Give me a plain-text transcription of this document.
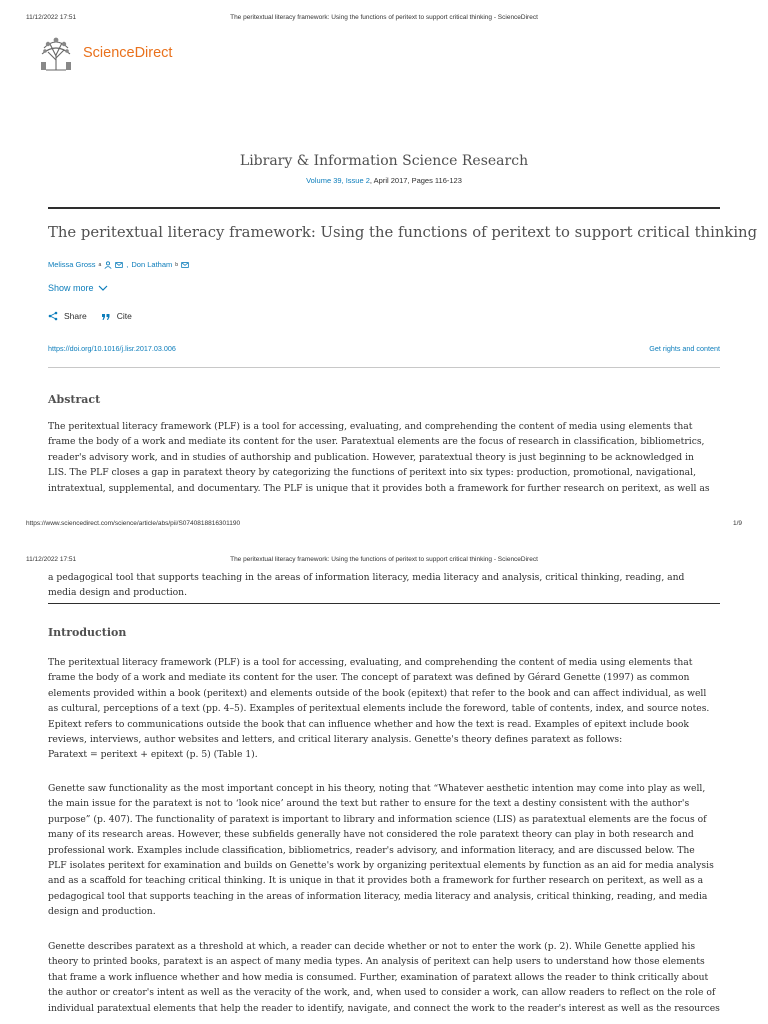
11/12/2022 17:51	The peritextual literacy framework: Using the functions of peritext to support critical thinking - ScienceDirect
ScienceDirect
Library & Information Science Research
Volume 39, Issue 2, April 2017, Pages 116-123
The peritextual literacy framework: Using the functions of peritext to support critical thinking
Melissa Gross a	, Don Latham b
Show more
Share	Cite
https://doi.org/10.1016/j.lisr.2017.03.006	Get rights and content
Abstract
The peritextual literacy framework (PLF) is a tool for accessing, evaluating, and comprehending the content of media using elements that
frame the body of a work and mediate its content for the user. Paratextual elements are the focus of research in classification, bibliometrics,
reader's advisory work, and in studies of authorship and publication. However, paratextual theory is just beginning to be acknowledged in
LIS. The PLF closes a gap in paratext theory by categorizing the functions of peritext into six types: production, promotional, navigational,
intratextual, supplemental, and documentary. The PLF is unique that it provides both a framework for further research on peritext, as well as
https://www.sciencedirect.com/science/article/abs/pii/S0740818816301190	1/9
11/12/2022 17:51	The peritextual literacy framework: Using the functions of peritext to support critical thinking - ScienceDirect
a pedagogical tool that supports teaching in the areas of information literacy, media literacy and analysis, critical thinking, reading, and
media design and production.
Introduction
The peritextual literacy framework (PLF) is a tool for accessing, evaluating, and comprehending the content of media using elements that
frame the body of a work and mediate its content for the user. The concept of paratext was defined by Gérard Genette (1997) as common
elements provided within a book (peritext) and elements outside of the book (epitext) that refer to the book and can affect individual, as well
as cultural, perceptions of a text (pp. 4–5). Examples of peritextual elements include the foreword, table of contents, index, and source notes.
Epitext refers to communications outside the book that can influence whether and how the text is read. Examples of epitext include book
reviews, interviews, author websites and letters, and critical literary analysis. Genette's theory defines paratext as follows:
Paratext = peritext + epitext (p. 5) (Table 1).
Genette saw functionality as the most important concept in his theory, noting that “Whatever aesthetic intention may come into play as well,
the main issue for the paratext is not to ‘look nice’ around the text but rather to ensure for the text a destiny consistent with the author's
purpose” (p. 407). The functionality of paratext is important to library and information science (LIS) as paratextual elements are the focus of
many of its research areas. However, these subfields generally have not considered the role paratext theory can play in both research and
professional work. Examples include classification, bibliometrics, reader's advisory, and information literacy, and are discussed below. The
PLF isolates peritext for examination and builds on Genette's work by organizing peritextual elements by function as an aid for media analysis
and as a scaffold for teaching critical thinking. It is unique in that it provides both a framework for further research on peritext, as well as a
pedagogical tool that supports teaching in the areas of information literacy, media literacy and analysis, critical thinking, reading, and media
design and production.
Genette describes paratext as a threshold at which, a reader can decide whether or not to enter the work (p. 2). While Genette applied his
theory to printed books, paratext is an aspect of many media types. An analysis of peritext can help users to understand how those elements
that frame a work influence whether and how media is consumed. Further, examination of paratext allows the reader to think critically about
the author or creator's intent as well as the veracity of the work, and, when used to consider a work, can allow readers to reflect on the role of
individual paratextual elements that help the reader to identify, navigate, and connect the work to the reader's interest as well as the resources
